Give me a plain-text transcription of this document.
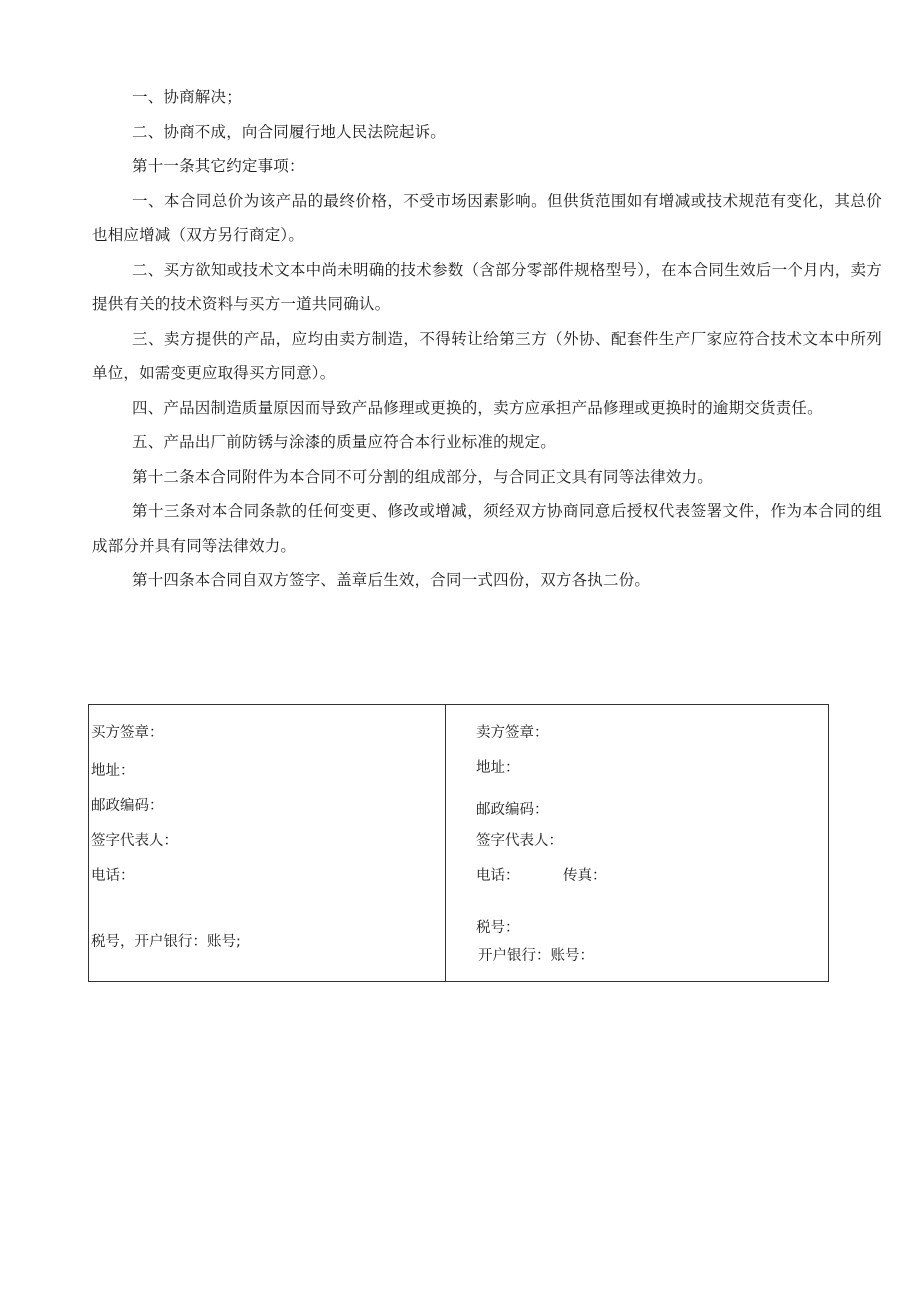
一、协商解决；

二、协商不成，向合同履行地人民法院起诉。

第十一条其它约定事项：

一、本合同总价为该产品的最终价格，不受市场因素影响。但供货范围如有增减或技术规范有变化，其总价也相应增减（双方另行商定）。

二、买方欲知或技术文本中尚未明确的技术参数（含部分零部件规格型号），在本合同生效后一个月内，卖方提供有关的技术资料与买方一道共同确认。

三、卖方提供的产品，应均由卖方制造，不得转让给第三方（外协、配套件生产厂家应符合技术文本中所列单位，如需变更应取得买方同意）。

四、产品因制造质量原因而导致产品修理或更换的，卖方应承担产品修理或更换时的逾期交货责任。

五、产品出厂前防锈与涂漆的质量应符合本行业标准的规定。

第十二条本合同附件为本合同不可分割的组成部分，与合同正文具有同等法律效力。

第十三条对本合同条款的任何变更、修改或增减，须经双方协商同意后授权代表签署文件，作为本合同的组成部分并具有同等法律效力。

第十四条本合同自双方签字、盖章后生效，合同一式四份，双方各执二份。

买方签章：
地址：
邮政编码：
签字代表人：
电话：
税号，开户银行：账号;
卖方签章：
地址：
邮政编码：
签字代表人：
电话：	传真：
税号：
开户银行：账号：
